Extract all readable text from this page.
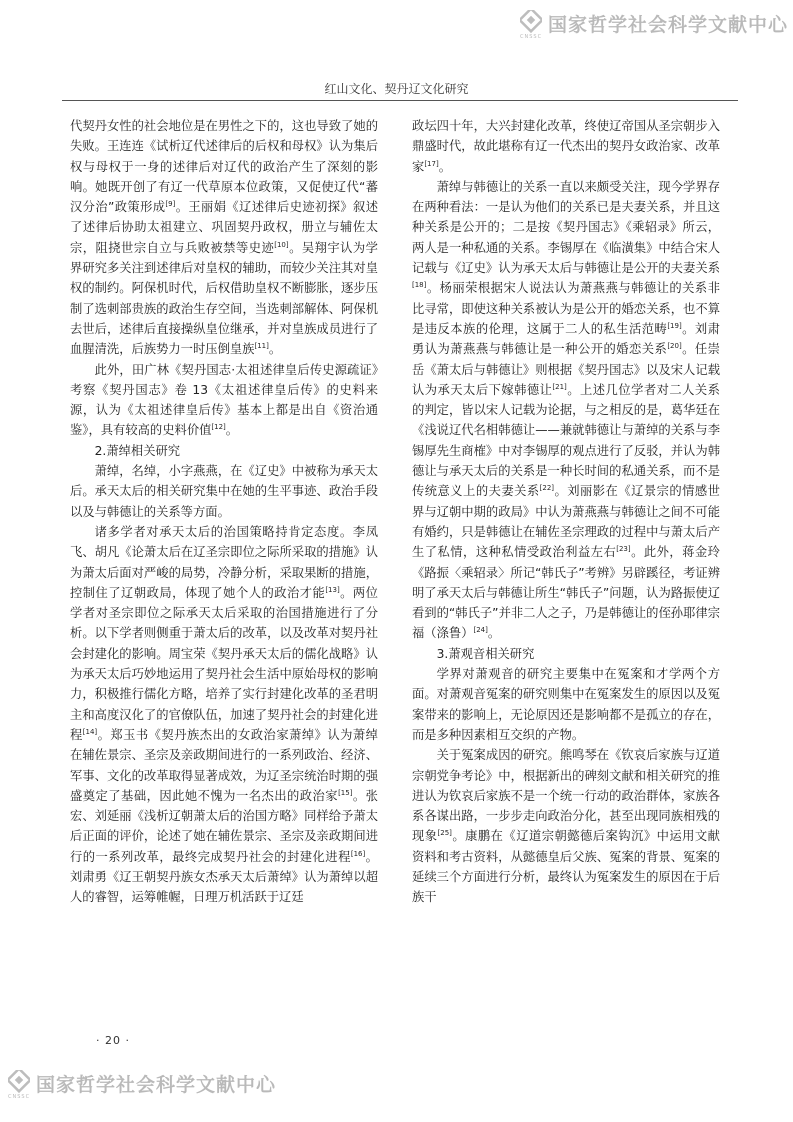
CNSSC
国家哲学社会科学文献中心
红山文化、契丹辽文化研究

代契丹女性的社会地位是在男性之下的，这也导致了她的失败。王连连《试析辽代述律后的后权和母权》认为集后权与母权于一身的述律后对辽代的政治产生了深刻的影响。她既开创了有辽一代草原本位政策，又促使辽代“蕃汉分治”政策形成[9]。王丽娟《辽述律后史迹初探》叙述了述律后协助太祖建立、巩固契丹政权，册立与辅佐太宗，阻挠世宗自立与兵败被禁等史迹[10]。吴翔宇认为学界研究多关注到述律后对皇权的辅助，而较少关注其对皇权的制约。阿保机时代，后权借助皇权不断膨胀，逐步压制了选刺部贵族的政治生存空间，当选刺部解体、阿保机去世后，述律后直接操纵皇位继承，并对皇族成员进行了血腥清洗，后族势力一时压倒皇族[11]。

此外，田广林《契丹国志·太祖述律皇后传史源疏证》考察《契丹国志》卷 13《太祖述律皇后传》的史料来源，认为《太祖述律皇后传》基本上都是出自《资治通鉴》，具有较高的史料价值[12]。

2.萧绰相关研究

萧绰，名绰，小字燕燕，在《辽史》中被称为承天太后。承天太后的相关研究集中在她的生平事迹、政治手段以及与韩德让的关系等方面。

诸多学者对承天太后的治国策略持肯定态度。李凤飞、胡凡《论萧太后在辽圣宗即位之际所采取的措施》认为萧太后面对严峻的局势，冷静分析，采取果断的措施，控制住了辽朝政局，体现了她个人的政治才能[13]。两位学者对圣宗即位之际承天太后采取的治国措施进行了分析。以下学者则侧重于萧太后的改革，以及改革对契丹社会封建化的影响。周宝荣《契丹承天太后的儒化战略》认为承天太后巧妙地运用了契丹社会生活中原始母权的影响力，积极推行儒化方略，培养了实行封建化改革的圣君明主和高度汉化了的官僚队伍，加速了契丹社会的封建化进程[14]。郑玉书《契丹族杰出的女政治家萧绰》认为萧绰在辅佐景宗、圣宗及亲政期间进行的一系列政治、经济、军事、文化的改革取得显著成效，为辽圣宗统治时期的强盛奠定了基础，因此她不愧为一名杰出的政治家[15]。张宏、刘延丽《浅析辽朝萧太后的治国方略》同样给予萧太后正面的评价，论述了她在辅佐景宗、圣宗及亲政期间进行的一系列改革，最终完成契丹社会的封建化进程[16]。刘肃勇《辽王朝契丹族女杰承天太后萧绰》认为萧绰以超人的睿智，运筹帷幄，日理万机活跃于辽廷

政坛四十年，大兴封建化改革，终使辽帝国从圣宗朝步入鼎盛时代，故此堪称有辽一代杰出的契丹女政治家、改革家[17]。

萧绰与韩德让的关系一直以来颇受关注，现今学界存在两种看法：一是认为他们的关系已是夫妻关系，并且这种关系是公开的；二是按《契丹国志》《乘轺录》所云，两人是一种私通的关系。李锡厚在《临潢集》中结合宋人记载与《辽史》认为承天太后与韩德让是公开的夫妻关系[18]。杨丽荣根据宋人说法认为萧燕燕与韩德让的关系非比寻常，即使这种关系被认为是公开的婚恋关系，也不算是违反本族的伦理，这属于二人的私生活范畴[19]。刘肃勇认为萧燕燕与韩德让是一种公开的婚恋关系[20]。任崇岳《萧太后与韩德让》则根据《契丹国志》以及宋人记载认为承天太后下嫁韩德让[21]。上述几位学者对二人关系的判定，皆以宋人记载为论据，与之相反的是，葛华廷在《浅说辽代名相韩德让——兼就韩德让与萧绰的关系与李锡厚先生商榷》中对李锡厚的观点进行了反驳，并认为韩德让与承天太后的关系是一种长时间的私通关系，而不是传统意义上的夫妻关系[22]。刘丽影在《辽景宗的情感世界与辽朝中期的政局》中认为萧燕燕与韩德让之间不可能有婚约，只是韩德让在辅佐圣宗理政的过程中与萧太后产生了私情，这种私情受政治利益左右[23]。此外，蒋金玲《路振〈乘轺录〉所记“韩氏子”考辨》另辟蹊径，考证辨明了承天太后与韩德让所生“韩氏子”问题，认为路振使辽看到的“韩氏子”并非二人之子，乃是韩德让的侄孙耶律宗福（涤鲁）[24]。

3.萧观音相关研究

学界对萧观音的研究主要集中在冤案和才学两个方面。对萧观音冤案的研究则集中在冤案发生的原因以及冤案带来的影响上，无论原因还是影响都不是孤立的存在，而是多种因素相互交织的产物。

关于冤案成因的研究。熊鸣琴在《钦哀后家族与辽道宗朝党争考论》中，根据新出的碑刻文献和相关研究的推进认为钦哀后家族不是一个统一行动的政治群体，家族各系各谋出路，一步步走向政治分化，甚至出现同族相残的现象[25]。康鹏在《辽道宗朝懿德后案钩沉》中运用文献资料和考古资料，从懿德皇后父族、冤案的背景、冤案的延续三个方面进行分析，最终认为冤案发生的原因在于后族干

· 20 ·
CNSSC
国家哲学社会科学文献中心
